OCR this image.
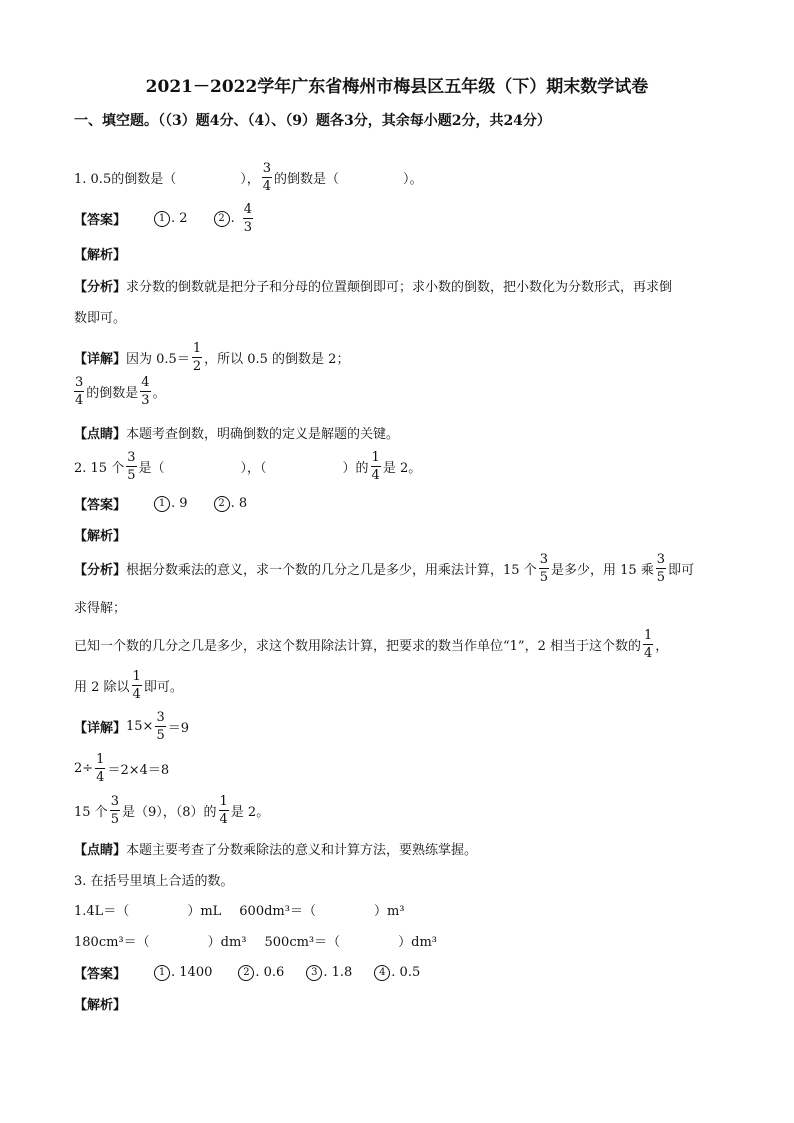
2021－2022学年广东省梅州市梅县区五年级（下）期末数学试卷
一、填空题。（（3）题4分、（4）、（9）题各3分，其余每小题2分，共24分）
1. 0.5的倒数是（	）， $\frac{3}{4}$ 的倒数是（	）。
【答案】	1 . 2	2 . $\frac{4}{3}$
【解析】
【分析】 求分数的倒数就是把分子和分母的位置颠倒即可；求小数的倒数，把小数化为分数形式，再求倒
数即可。
【详解】 因为 $0.5= \frac{1}{2}$ ，所以 0.5 的倒数是 2；
$\frac{3}{4}$ 的倒数是 $\frac{4}{3}$ 。
【点睛】 本题考查倒数，明确倒数的定义是解题的关键。
2. 15 个 $\frac{3}{5}$ 是（	），（	）的 $\frac{1}{4}$ 是 2。
【答案】	1 . 9	2 . 8
【解析】
【分析】 根据分数乘法的意义，求一个数的几分之几是多少，用乘法计算，15 个 $\frac{3}{5}$ 是多少，用 15 乘 $\frac{3}{5}$ 即可
求得解；
已知一个数的几分之几是多少，求这个数用除法计算，把要求的数当作单位“1”，2 相当于这个数的 $\frac{1}{4}$ ，
用 2 除以 $\frac{1}{4}$ 即可。
【详解】 $15\times \frac{3}{5} =9$
$2\div \frac{1}{4} =2\times 4=8$
15 个 $\frac{3}{5}$ 是（9），（8）的 $\frac{1}{4}$ 是 2。
【点睛】 本题主要考查了分数乘除法的意义和计算方法，要熟练掌握。
3. 在括号里填上合适的数。
1.4L＝（	）mL 600dm³＝（	）m³
180cm³＝（	）dm³ 500cm³＝（	）dm³
【答案】	1 . 1400	2 . 0.6	3 . 1.8	4 . 0.5
【解析】
